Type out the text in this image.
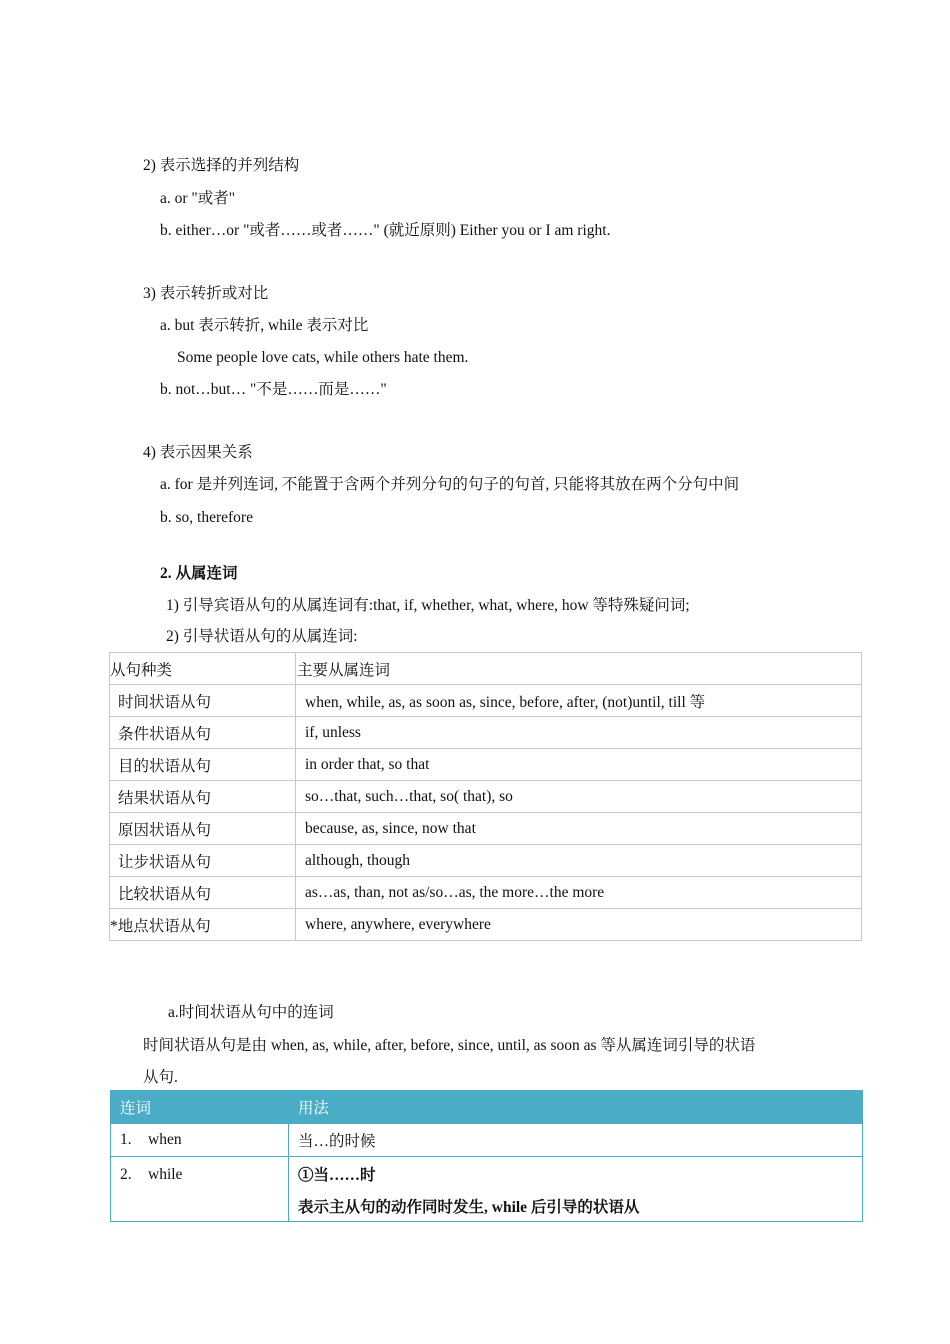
2) 表示选择的并列结构
a. or "或者"
b. either…or "或者……或者……" (就近原则) Either you or I am right.
3) 表示转折或对比
a. but 表示转折, while 表示对比
Some people love cats, while others hate them.
b. not…but… "不是……而是……"
4) 表示因果关系
a. for 是并列连词, 不能置于含两个并列分句的句子的句首, 只能将其放在两个分句中间
b. so, therefore
2. 从属连词
1) 引导宾语从句的从属连词有:that, if, whether, what, where, how 等特殊疑问词;
2) 引导状语从句的从属连词:
从句种类	主要从属连词
时间状语从句	when, while, as, as soon as, since, before, after, (not)until, till 等
条件状语从句	if, unless
目的状语从句	in order that, so that
结果状语从句	so…that, such…that, so( that), so
原因状语从句	because, as, since, now that
让步状语从句	although, though
比较状语从句	as…as, than, not as/so…as, the more…the more
*地点状语从句	where, anywhere, everywhere
a.时间状语从句中的连词
时间状语从句是由 when, as, while, after, before, since, until, as soon as 等从属连词引导的状语
从句.
连词	用法
1. when	当…的时候
2. while	①当……时
表示主从句的动作同时发生, while 后引导的状语从
